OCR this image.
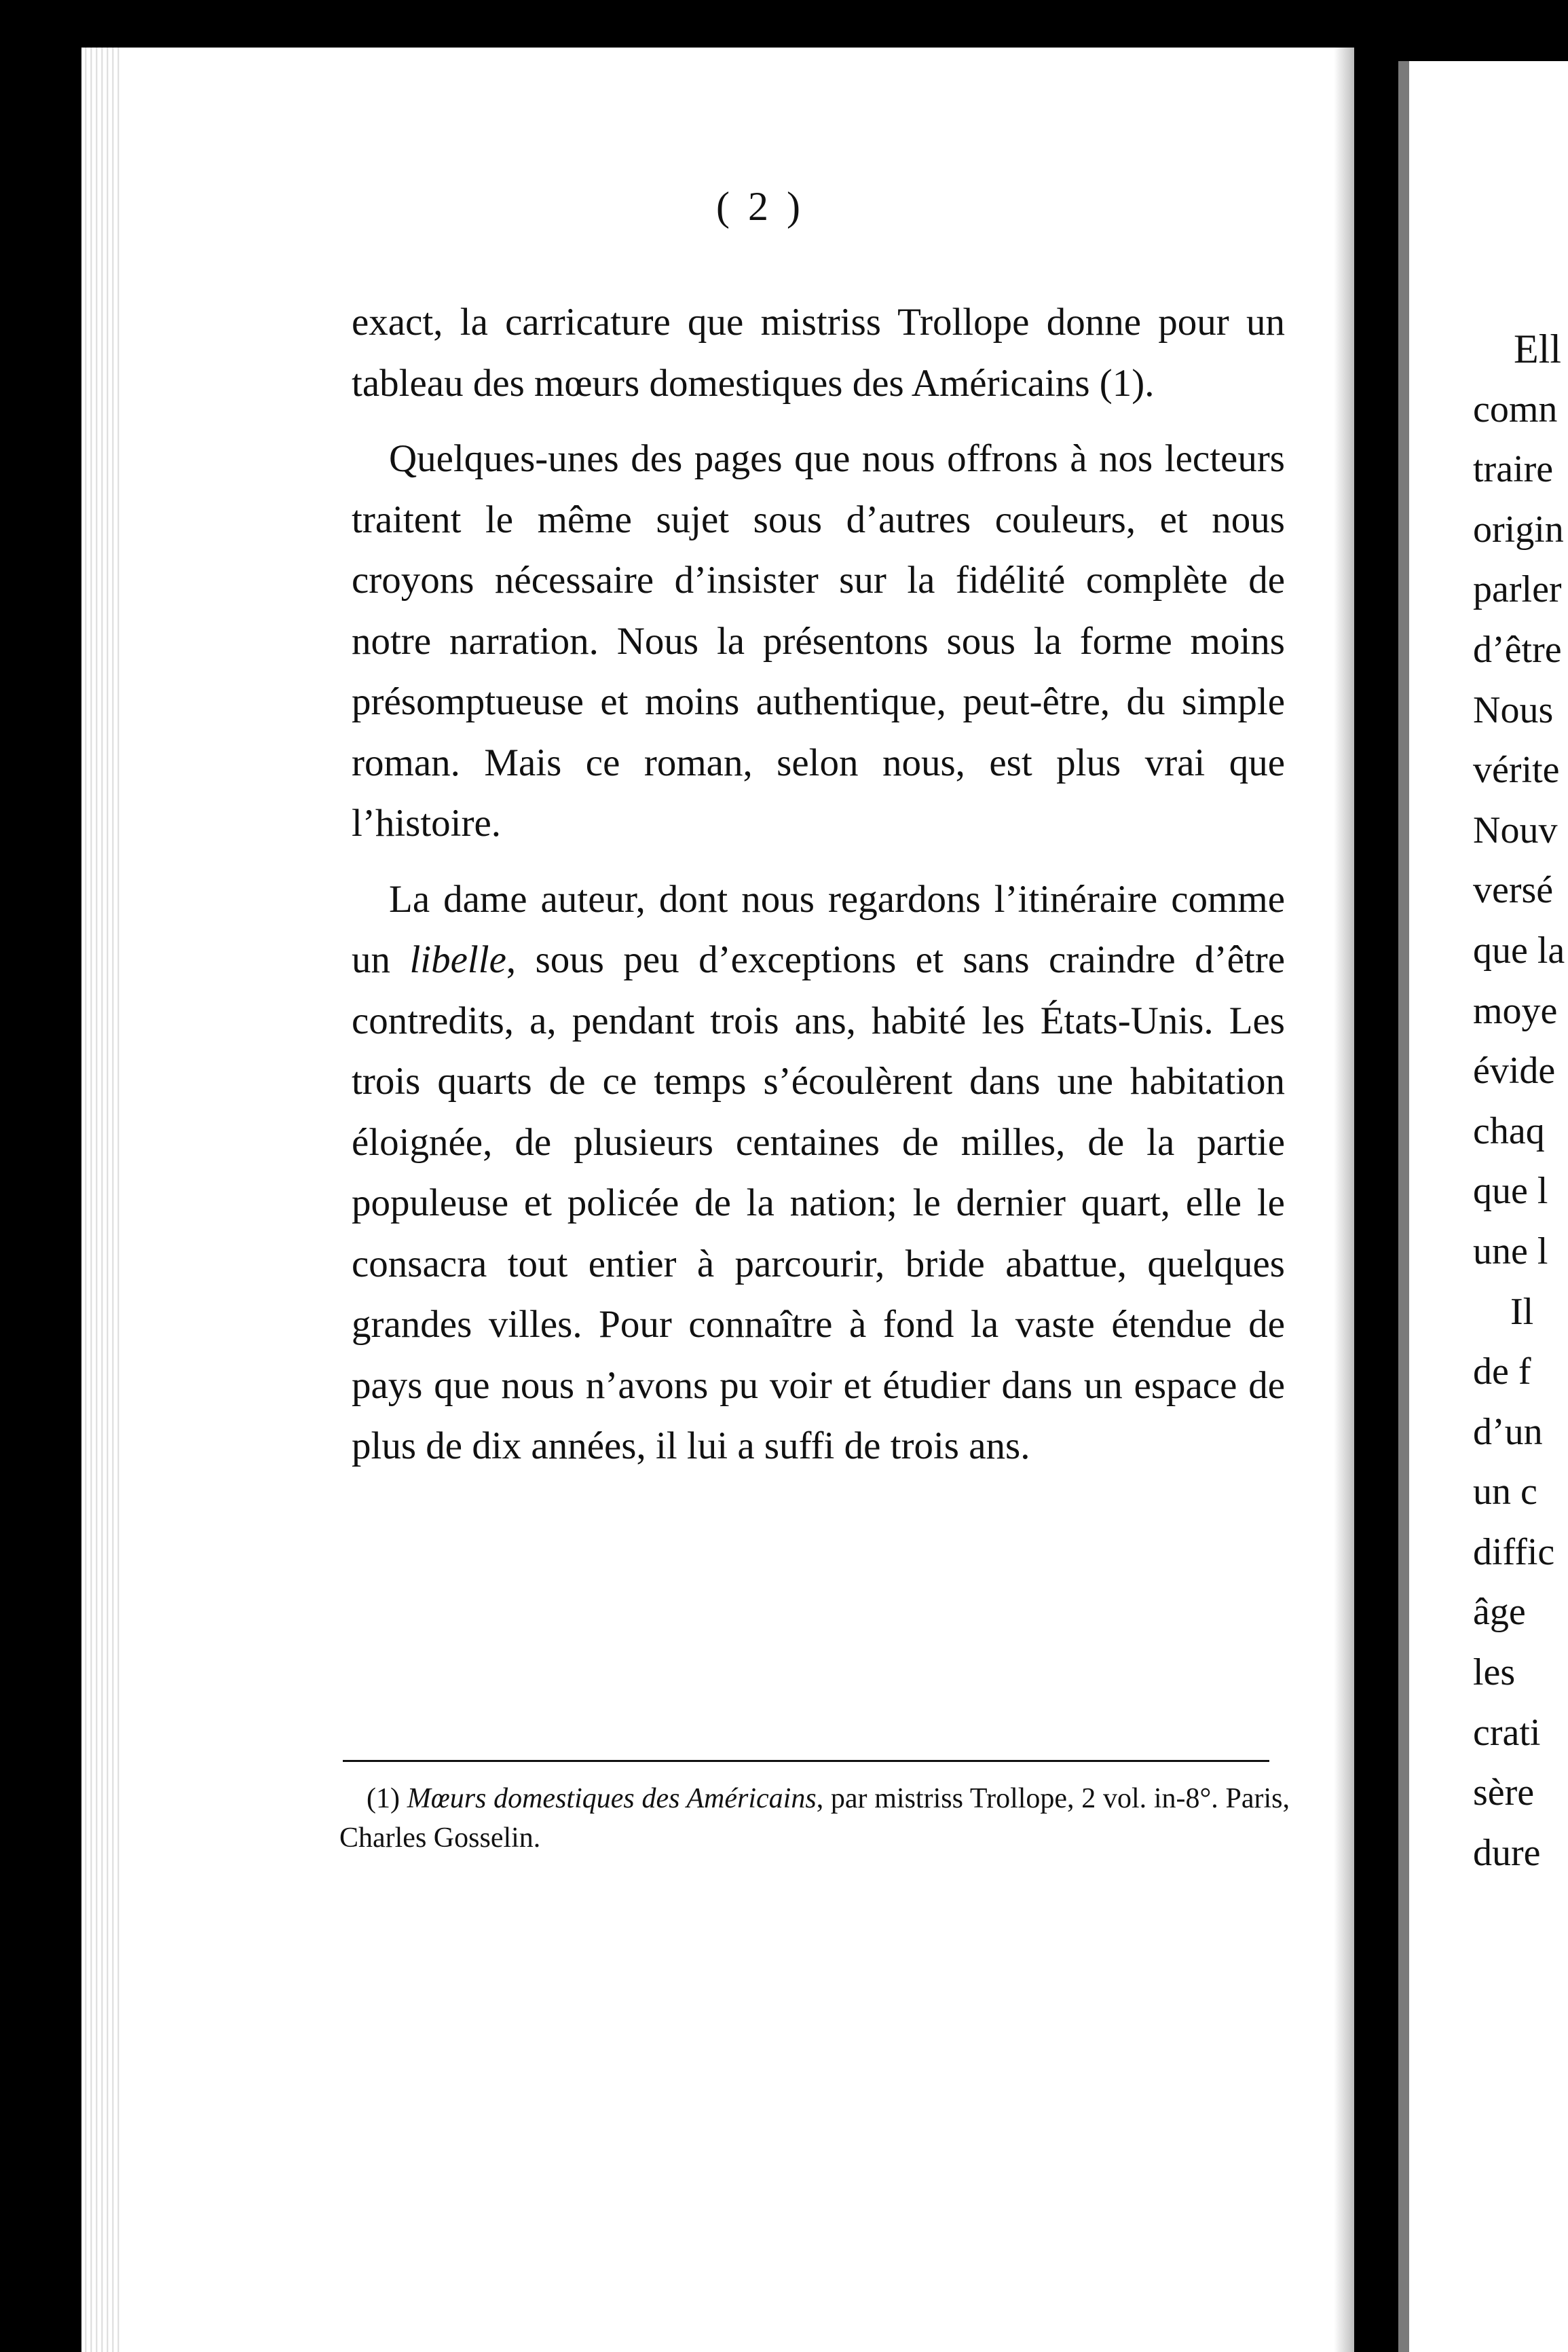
( 2 )

exact, la carricature que mistriss Trollope donne pour un tableau des mœurs domestiques des Américains (1).

Quelques-unes des pages que nous offrons à nos lecteurs traitent le même sujet sous d’autres couleurs, et nous croyons nécessaire d’insister sur la fidélité complète de notre narration. Nous la présentons sous la forme moins présomptueuse et moins authentique, peut-être, du simple roman. Mais ce roman, selon nous, est plus vrai que l’histoire.

La dame auteur, dont nous regardons l’itinéraire comme un libelle, sous peu d’exceptions et sans craindre d’être contredits, a, pendant trois ans, habité les États-Unis. Les trois quarts de ce temps s’écoulèrent dans une habitation éloignée, de plusieurs centaines de milles, de la partie populeuse et policée de la nation; le dernier quart, elle le consacra tout entier à parcourir, bride abattue, quelques grandes villes. Pour connaître à fond la vaste étendue de pays que nous n’avons pu voir et étudier dans un espace de plus de dix années, il lui a suffi de trois ans.

(1) Mœurs domestiques des Américains, par mistriss Trollope, 2 vol. in-8°. Paris, Charles Gosselin.
Ell
comn
traire
origin
parler
d’être
Nous
vérite
Nouv
versé
que la
moye
évide
chaq
que l
une l
Il
de f
d’un
un c
diffic
âge
les
crati
sère
dure
